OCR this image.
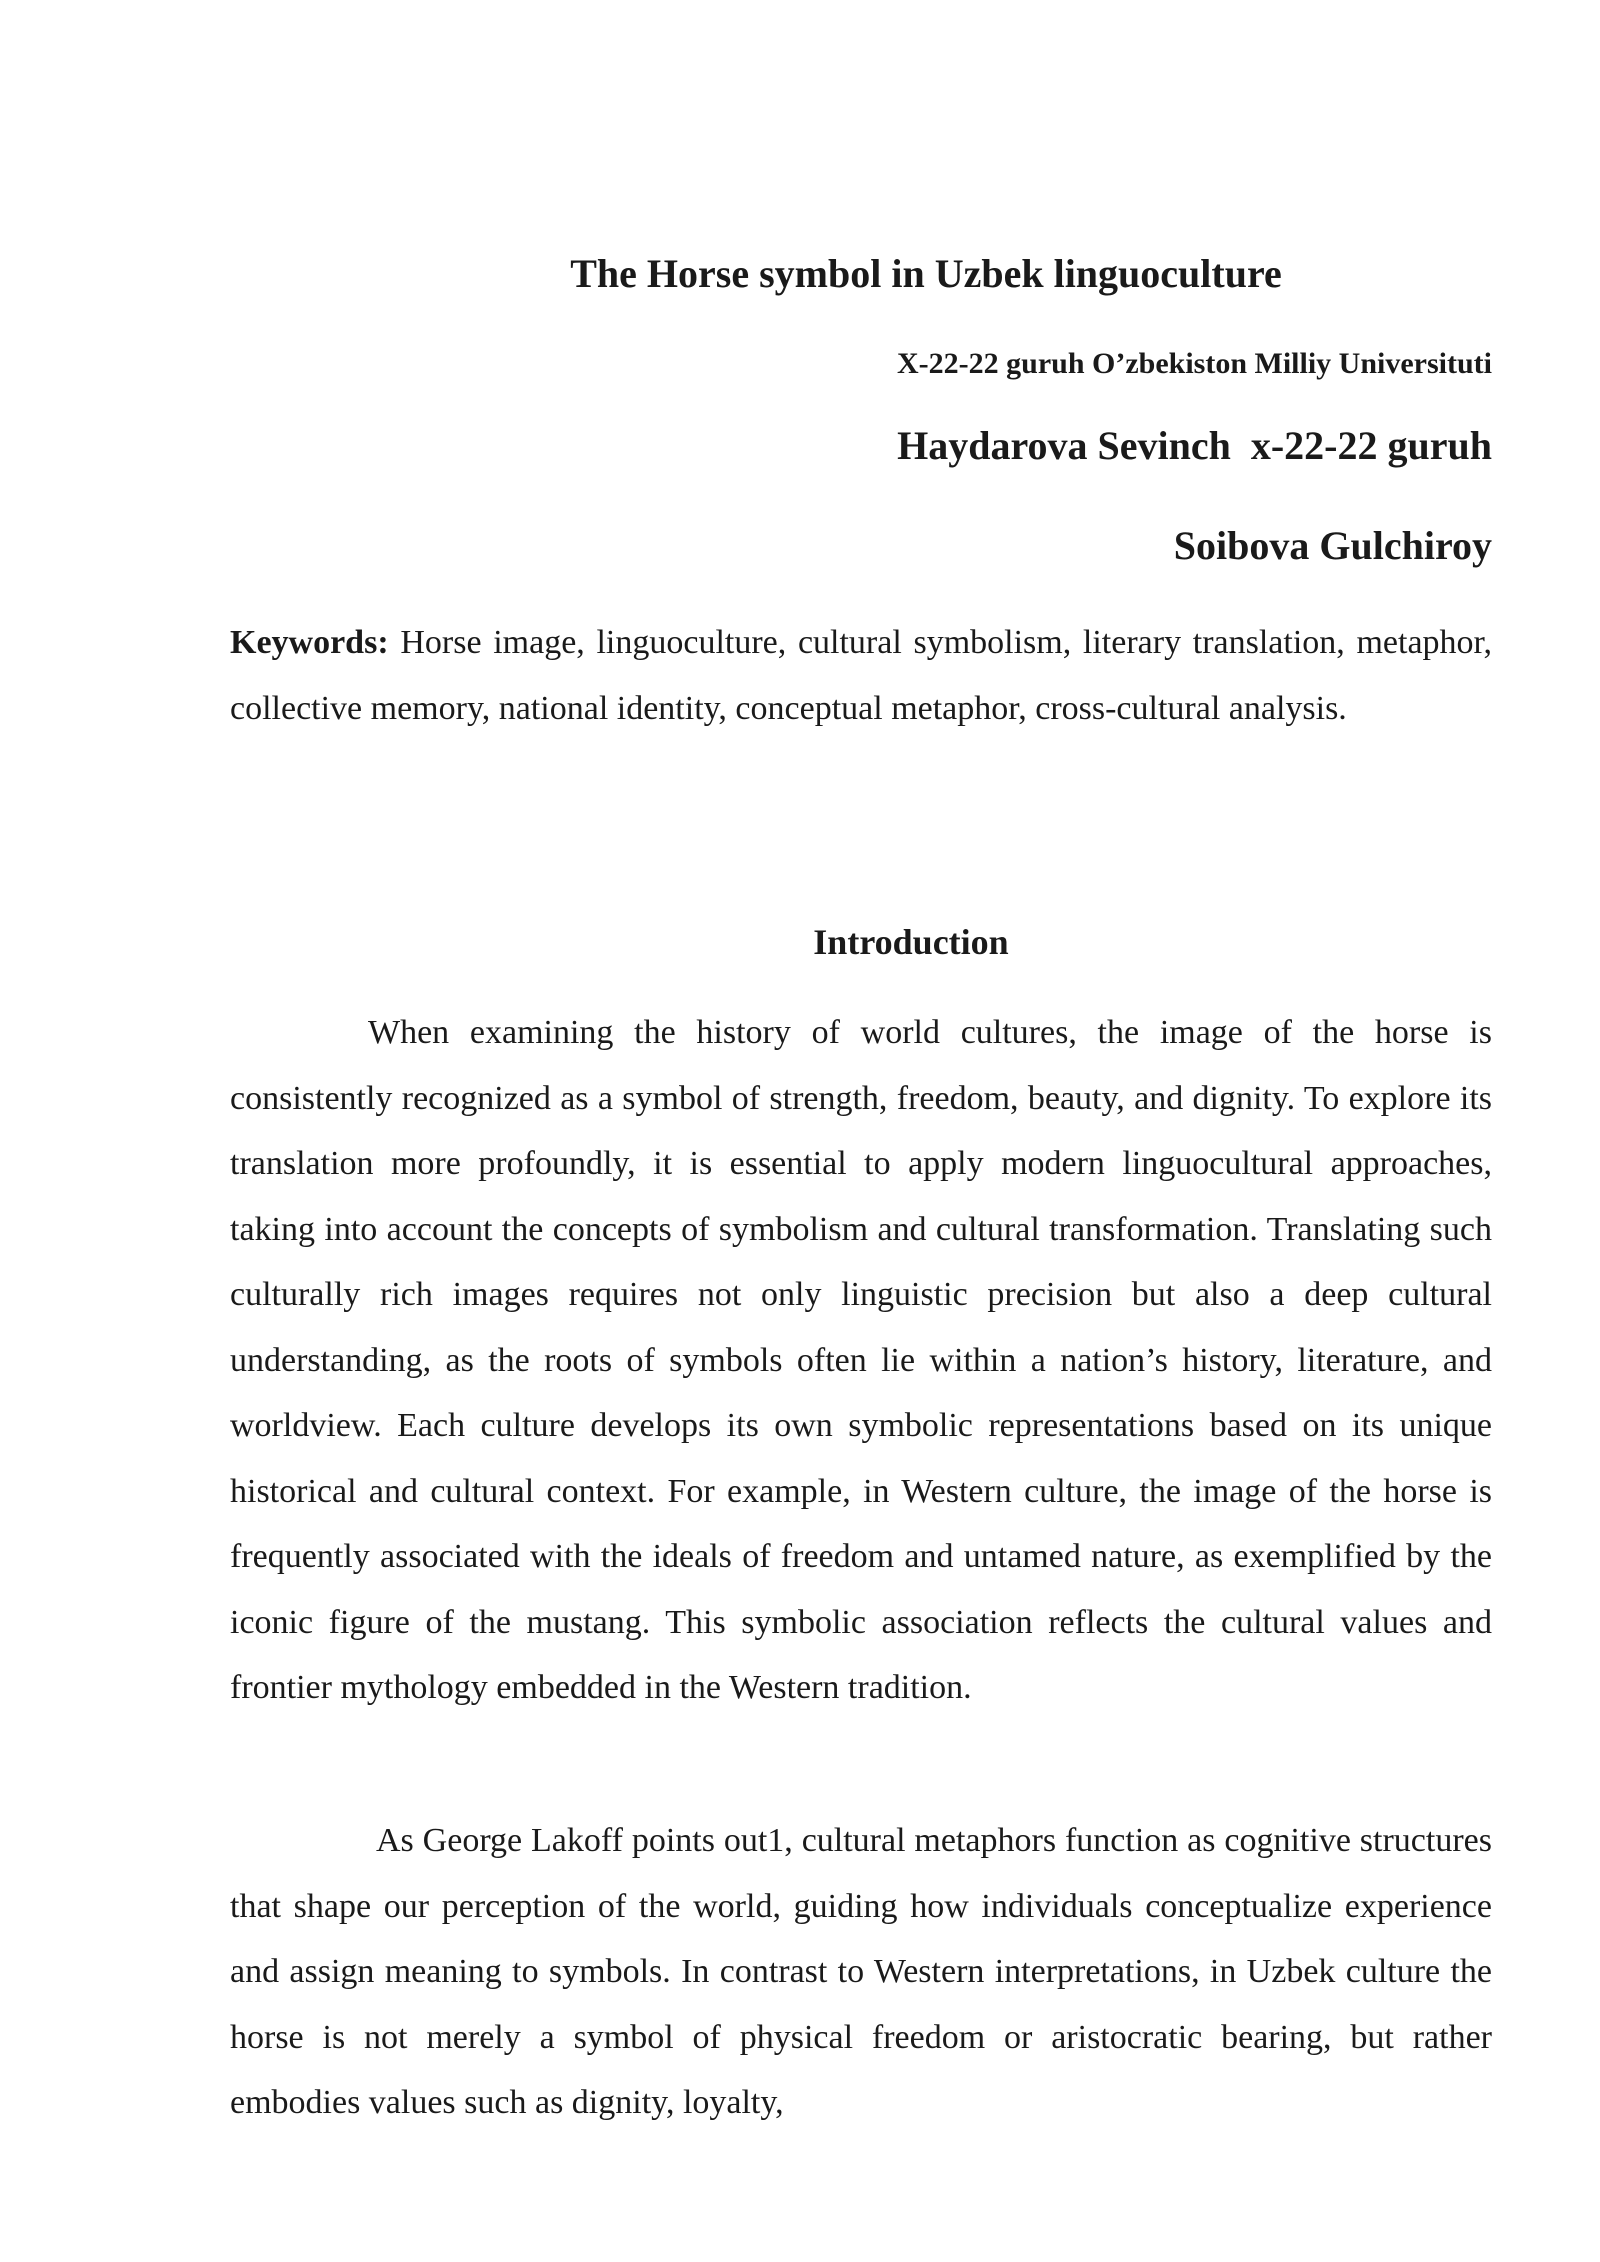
The Horse symbol in Uzbek linguoculture
X-22-22 guruh O’zbekiston Milliy Universituti
Haydarova Sevinch  x-22-22 guruh
Soibova Gulchiroy

Keywords: Horse image, linguoculture, cultural symbolism, literary translation, metaphor, collective memory, national identity, conceptual metaphor, cross-cultural analysis.

Introduction

When examining the history of world cultures, the image of the horse is consistently recognized as a symbol of strength, freedom, beauty, and dignity. To explore its translation more profoundly, it is essential to apply modern linguocultural approaches, taking into account the concepts of symbolism and cultural transformation. Translating such culturally rich images requires not only linguistic precision but also a deep cultural understanding, as the roots of symbols often lie within a nation’s history, literature, and worldview. Each culture develops its own symbolic representations based on its unique historical and cultural context. For example, in Western culture, the image of the horse is frequently associated with the ideals of freedom and untamed nature, as exemplified by the iconic figure of the mustang. This symbolic association reflects the cultural values and frontier mythology embedded in the Western tradition.

As George Lakoff points out1, cultural metaphors function as cognitive structures that shape our perception of the world, guiding how individuals conceptualize experience and assign meaning to symbols. In contrast to Western interpretations, in Uzbek culture the horse is not merely a symbol of physical freedom or aristocratic bearing, but rather embodies values such as dignity, loyalty,
